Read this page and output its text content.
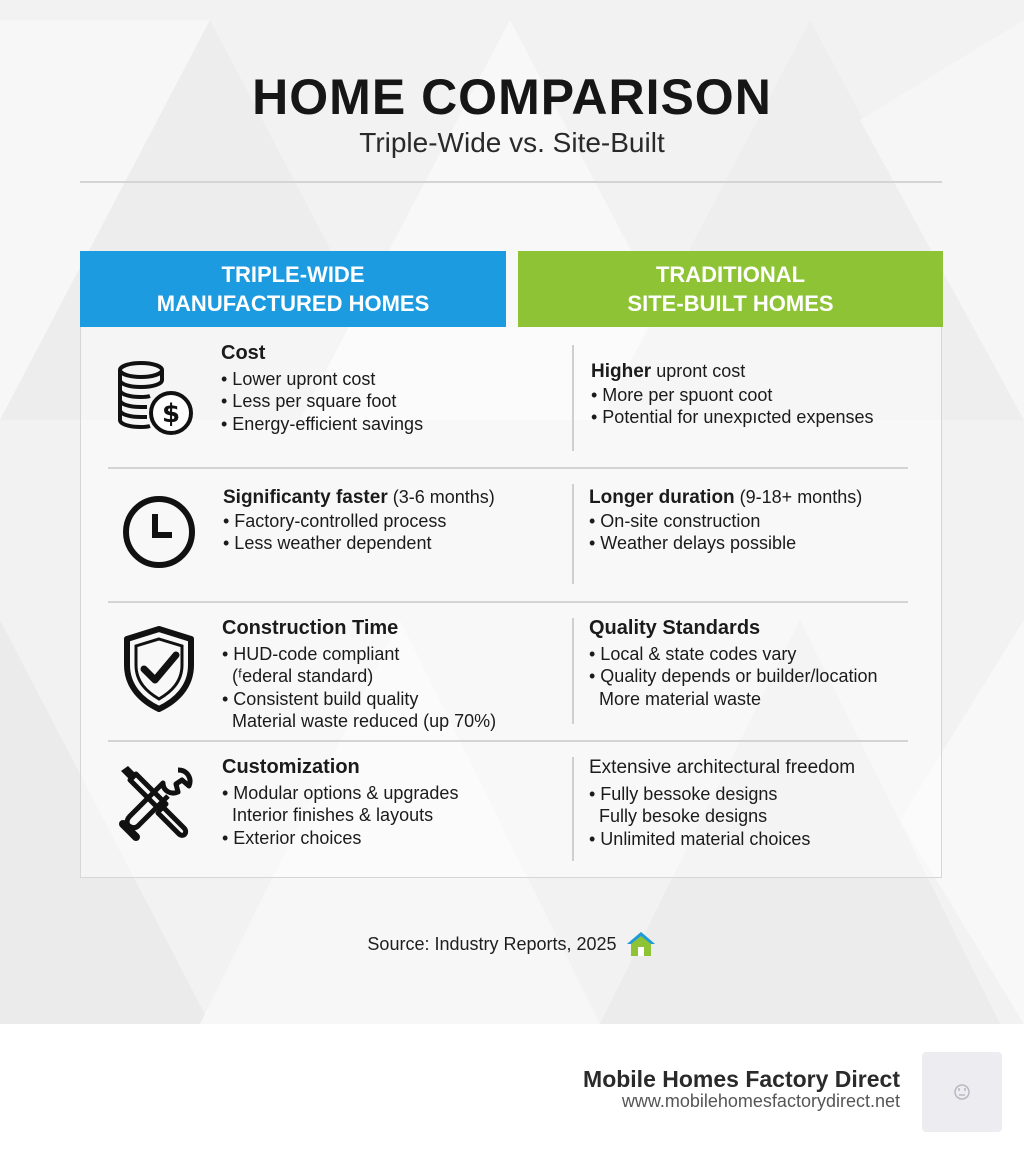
HOME COMPARISON
Triple-Wide vs. Site-Built
TRIPLE-WIDE
MANUFACTURED HOMES
TRADITIONAL
SITE-BUILT HOMES
$
Cost
• Lower upront cost
• Less per square foot
• Energy-efficient savings
Higher upront cost
• More per spuont coot
• Potential for unexpıcted expenses
Significanty faster (3-6 months)
• Factory-controlled process
• Less weather dependent
Longer duration (9-18+ months)
• On-site construction
• Weather delays possible
Construction Time
• HUD-code compliant
(ᶠederal standard)
• Consistent build quality
Material waste reduced (up 70%)
Quality Standards
• Local & state codes vary
• Quality depends or builder/location
More material waste
Customization
• Modular options & upgrades
Interior finishes & layouts
• Exterior choices
Extensive architectural freedom
• Fully bessoke designs
Fully besoke designs
• Unlimited material choices
Source: Industry Reports, 2025
Mobile Homes Factory Direct
www.mobilehomesfactorydirect.net
